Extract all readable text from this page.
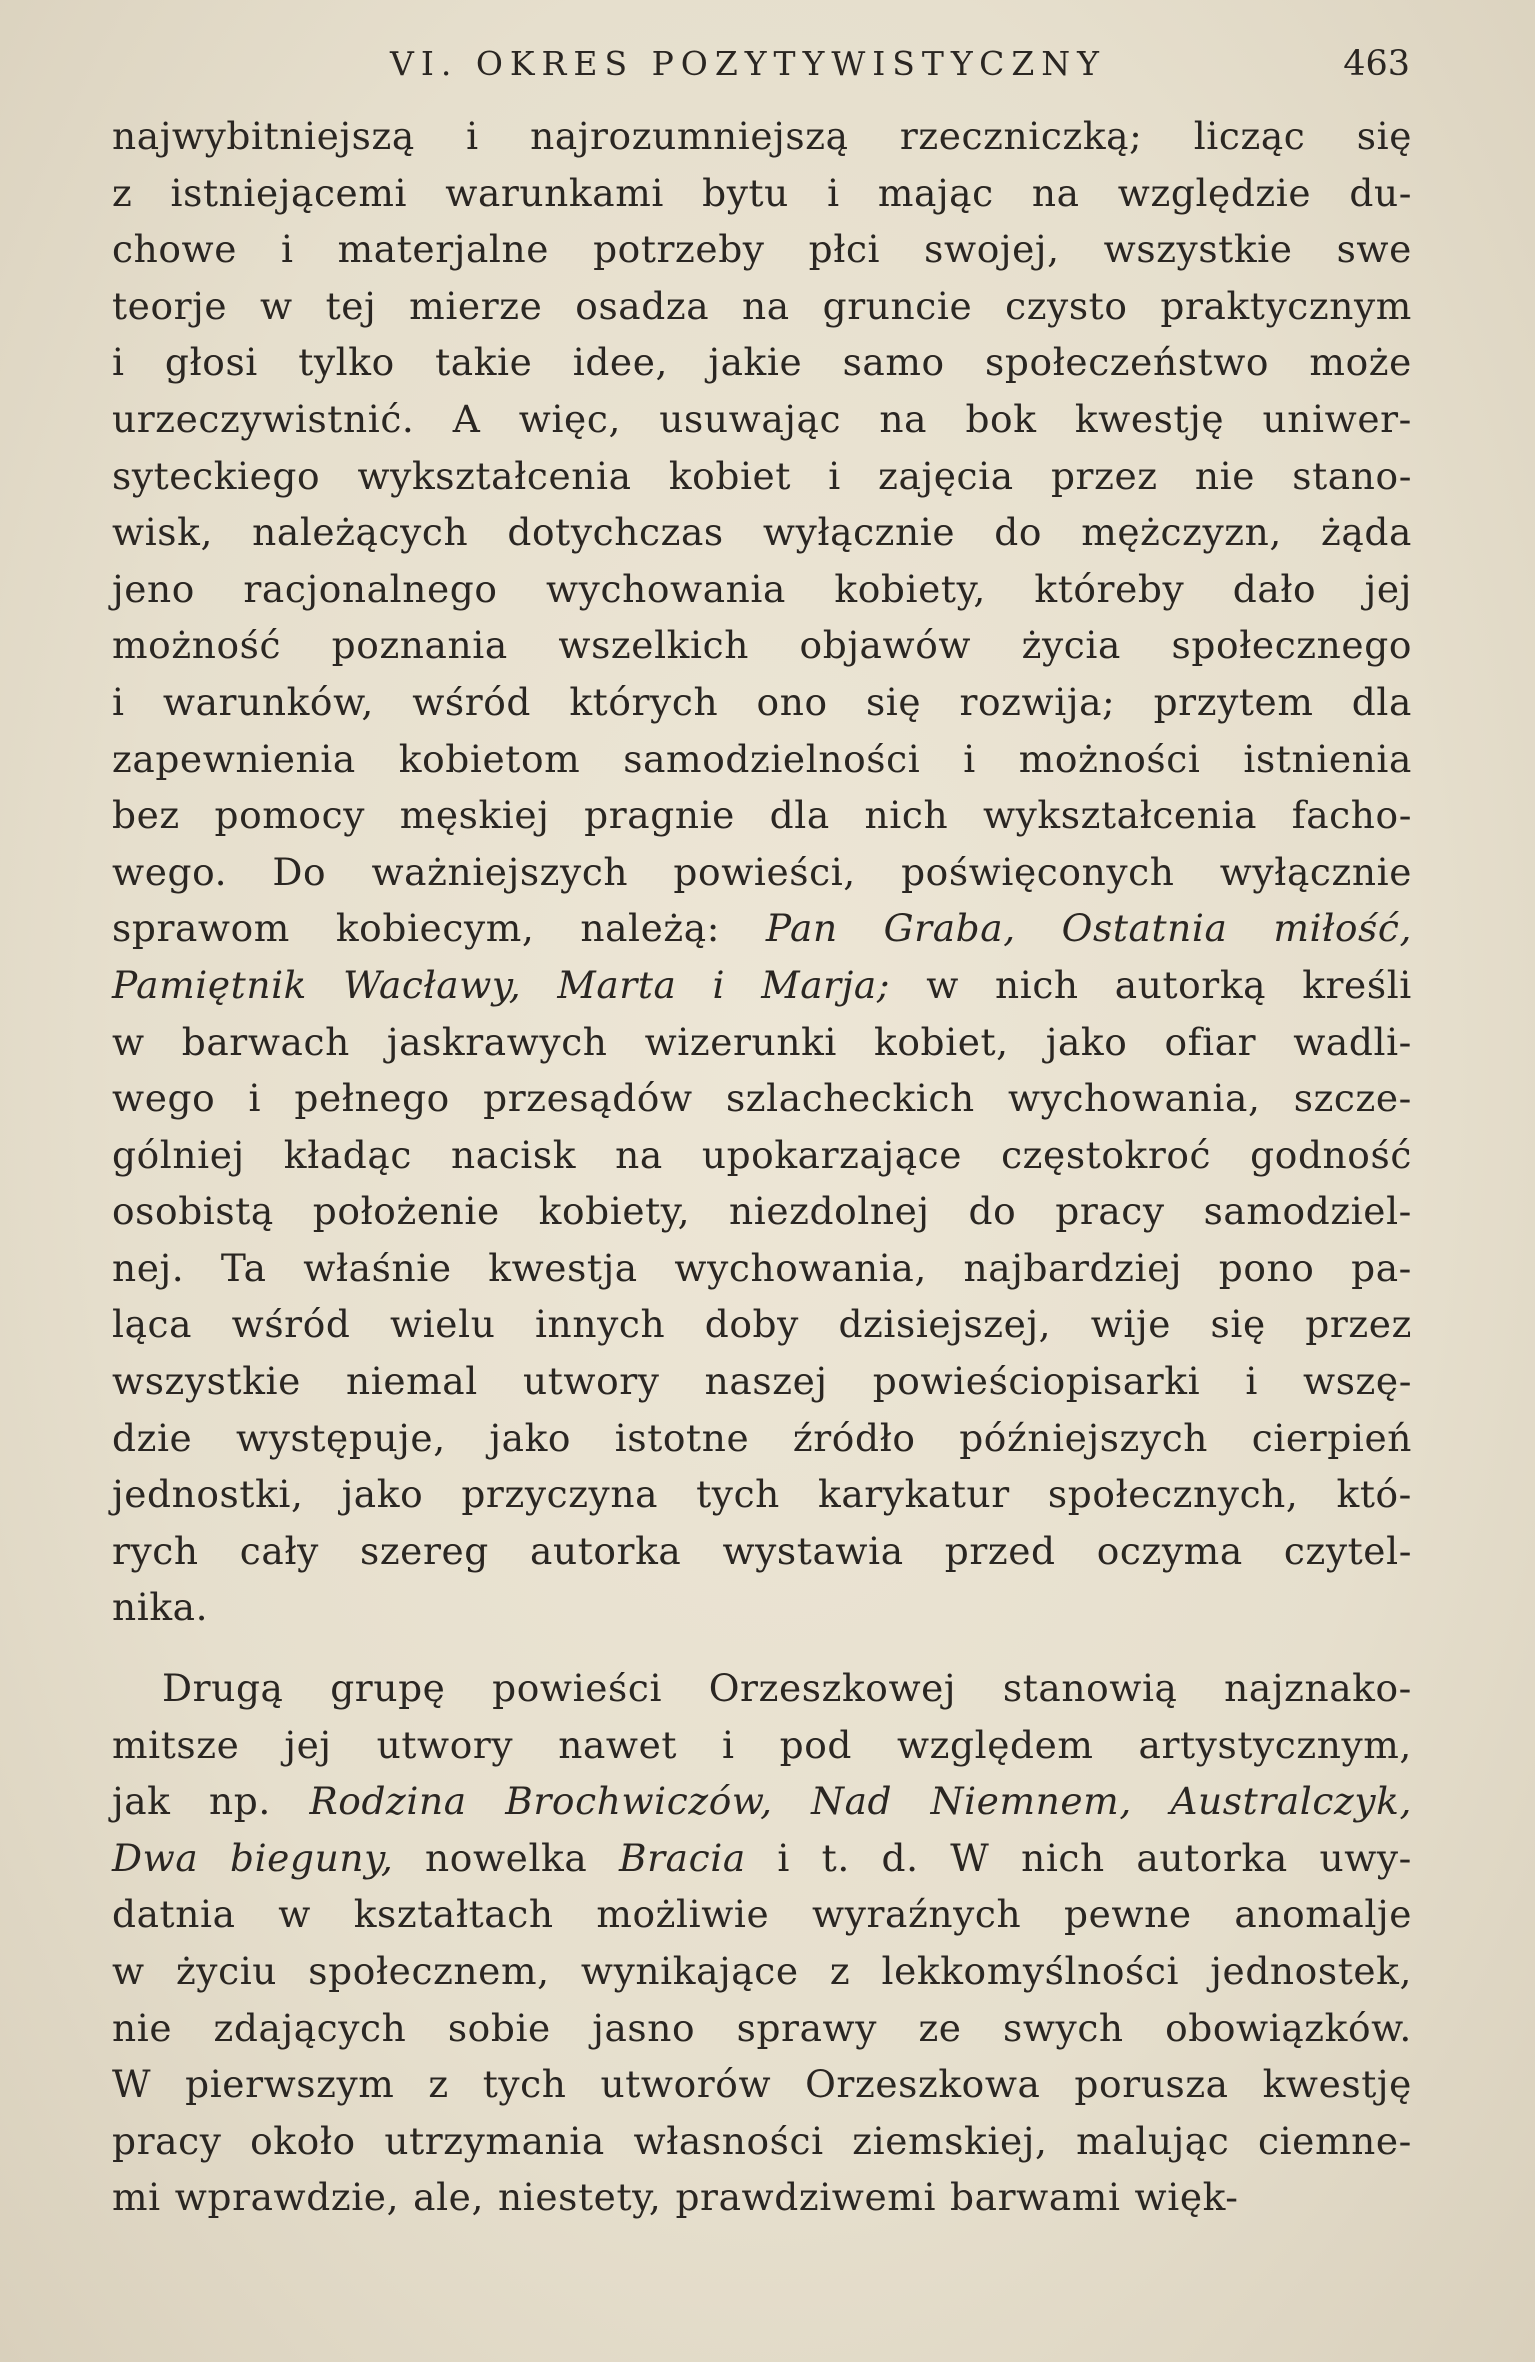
VI. OKRES POZYTYWISTYCZNY	463
najwybitniejszą i najrozumniejszą rzeczniczką; licząc się
z istniejącemi warunkami bytu i mając na względzie du-
chowe i materjalne potrzeby płci swojej, wszystkie swe
teorje w tej mierze osadza na gruncie czysto praktycznym
i głosi tylko takie idee, jakie samo społeczeństwo może
urzeczywistnić. A więc, usuwając na bok kwestję uniwer-
syteckiego wykształcenia kobiet i zajęcia przez nie stano-
wisk, należących dotychczas wyłącznie do mężczyzn, żąda
jeno racjonalnego wychowania kobiety, któreby dało jej
możność poznania wszelkich objawów życia społecznego
i warunków, wśród których ono się rozwija; przytem dla
zapewnienia kobietom samodzielności i możności istnienia
bez pomocy męskiej pragnie dla nich wykształcenia facho-
wego. Do ważniejszych powieści, poświęconych wyłącznie
sprawom kobiecym, należą: Pan Graba, Ostatnia miłość,
Pamiętnik Wacławy, Marta i Marja; w nich autorką kreśli
w barwach jaskrawych wizerunki kobiet, jako ofiar wadli-
wego i pełnego przesądów szlacheckich wychowania, szcze-
gólniej kładąc nacisk na upokarzające częstokroć godność
osobistą położenie kobiety, niezdolnej do pracy samodziel-
nej. Ta właśnie kwestja wychowania, najbardziej pono pa-
ląca wśród wielu innych doby dzisiejszej, wije się przez
wszystkie niemal utwory naszej powieściopisarki i wszę-
dzie występuje, jako istotne źródło późniejszych cierpień
jednostki, jako przyczyna tych karykatur społecznych, któ-
rych cały szereg autorka wystawia przed oczyma czytel-
nika.
Drugą grupę powieści Orzeszkowej stanowią najznako-
mitsze jej utwory nawet i pod względem artystycznym,
jak np. Rodzina Brochwiczów, Nad Niemnem, Australczyk,
Dwa bieguny, nowelka Bracia i t. d. W nich autorka uwy-
datnia w kształtach możliwie wyraźnych pewne anomalje
w życiu społecznem, wynikające z lekkomyślności jednostek,
nie zdających sobie jasno sprawy ze swych obowiązków.
W pierwszym z tych utworów Orzeszkowa porusza kwestję
pracy około utrzymania własności ziemskiej, malując ciemne-
mi wprawdzie, ale, niestety, prawdziwemi barwami więk-
